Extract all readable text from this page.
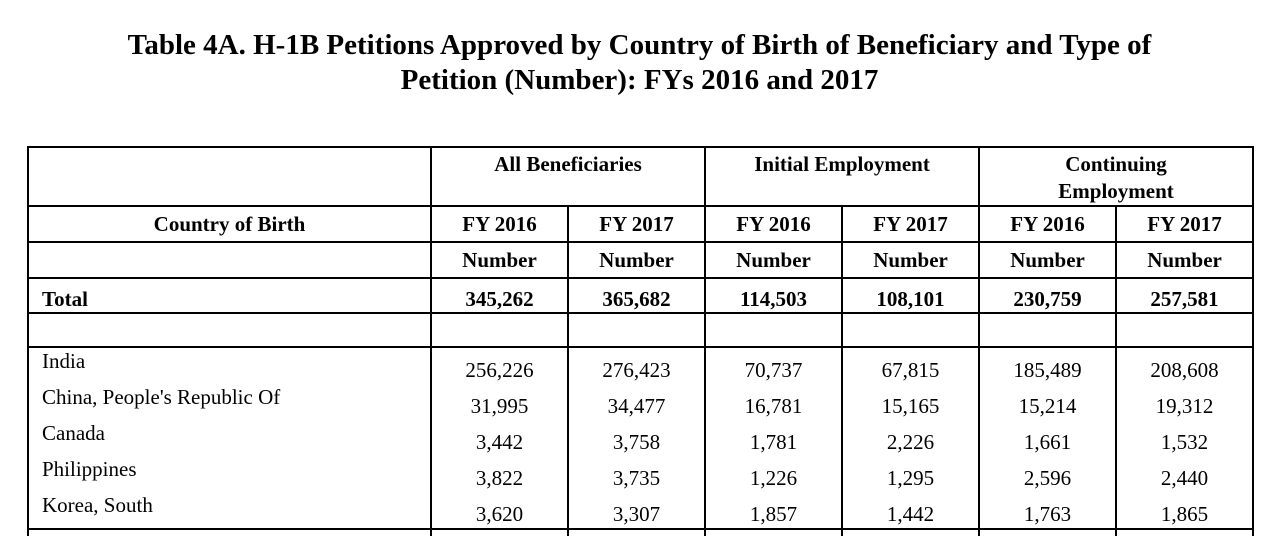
Table 4A. H-1B Petitions Approved by Country of Birth of Beneficiary and Type of
Petition (Number): FYs 2016 and 2017
	All Beneficiaries		Initial Employment		Continuing
Employment	

Country of Birth	FY 2016	FY 2017	FY 2016	FY 2017	FY 2016	FY 2017
	Number	Number	Number	Number	Number	Number
Total	345,262	365,682	114,503	108,101	230,759	257,581

India	256,226	276,423	70,737	67,815	185,489	208,608
China, People's Republic Of	31,995	34,477	16,781	15,165	15,214	19,312
Canada	3,442	3,758	1,781	2,226	1,661	1,532
Philippines	3,822	3,735	1,226	1,295	2,596	2,440
Korea, South	3,620	3,307	1,857	1,442	1,763	1,865
